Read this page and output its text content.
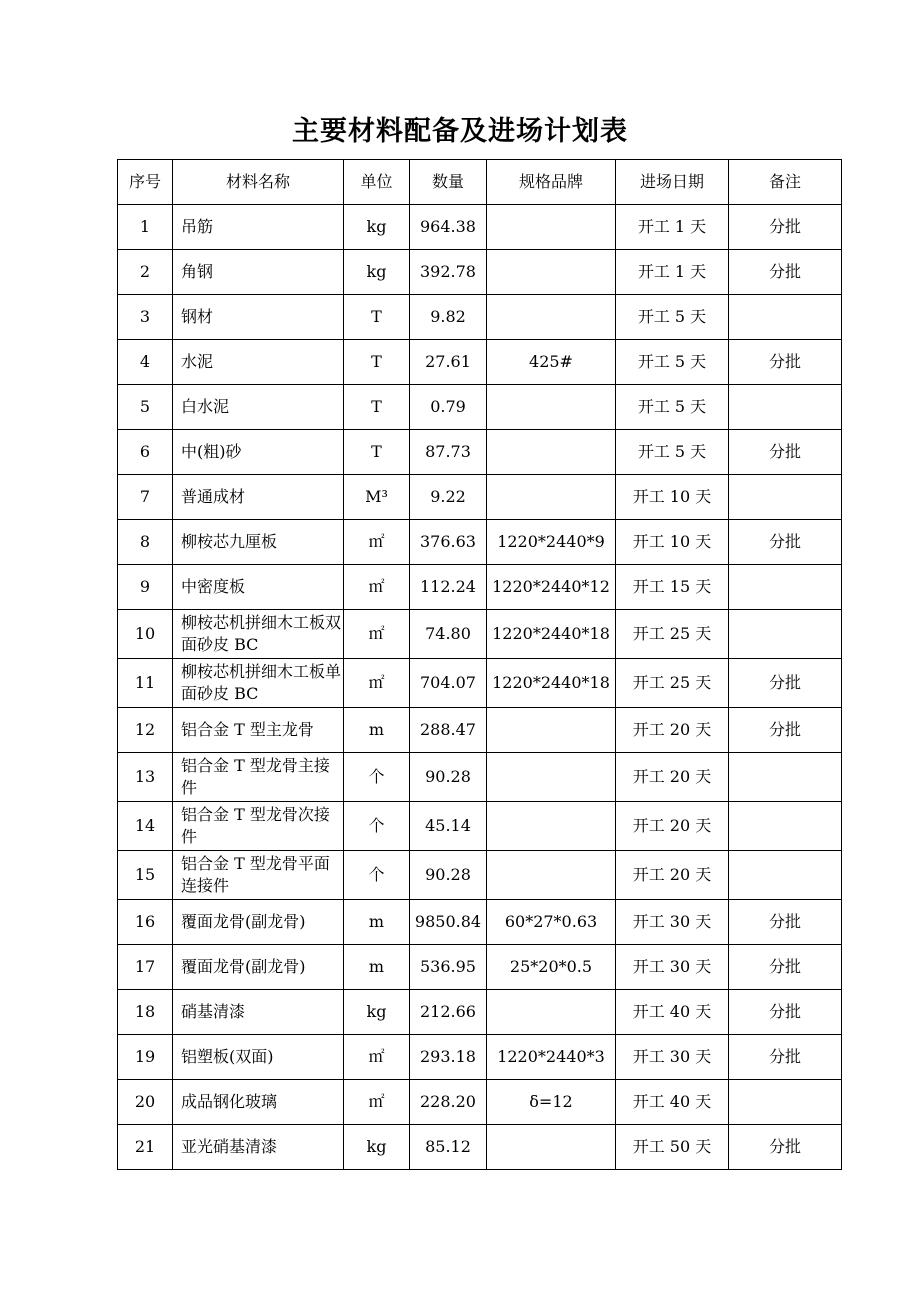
主要材料配备及进场计划表
序号	材料名称	单位	数量	规格品牌	进场日期	备注
1	吊筋	kg	964.38		开工 1 天	分批
2	角钢	kg	392.78		开工 1 天	分批
3	钢材	T	9.82		开工 5 天	
4	水泥	T	27.61	425#	开工 5 天	分批
5	白水泥	T	0.79		开工 5 天	
6	中(粗)砂	T	87.73		开工 5 天	分批
7	普通成材	M³	9.22		开工 10 天	
8	柳桉芯九厘板	㎡	376.63	1220*2440*9	开工 10 天	分批
9	中密度板	㎡	112.24	1220*2440*12	开工 15 天	
10	柳桉芯机拼细木工板双面砂皮 BC	㎡	74.80	1220*2440*18	开工 25 天	
11	柳桉芯机拼细木工板单面砂皮 BC	㎡	704.07	1220*2440*18	开工 25 天	分批
12	铝合金 T 型主龙骨	m	288.47		开工 20 天	分批
13	铝合金 T 型龙骨主接件	个	90.28		开工 20 天	
14	铝合金 T 型龙骨次接件	个	45.14		开工 20 天	
15	铝合金 T 型龙骨平面连接件	个	90.28		开工 20 天	
16	覆面龙骨(副龙骨)	m	9850.84	60*27*0.63	开工 30 天	分批
17	覆面龙骨(副龙骨)	m	536.95	25*20*0.5	开工 30 天	分批
18	硝基清漆	kg	212.66		开工 40 天	分批
19	铝塑板(双面)	㎡	293.18	1220*2440*3	开工 30 天	分批
20	成品钢化玻璃	㎡	228.20	δ=12	开工 40 天	
21	亚光硝基清漆	kg	85.12		开工 50 天	分批
